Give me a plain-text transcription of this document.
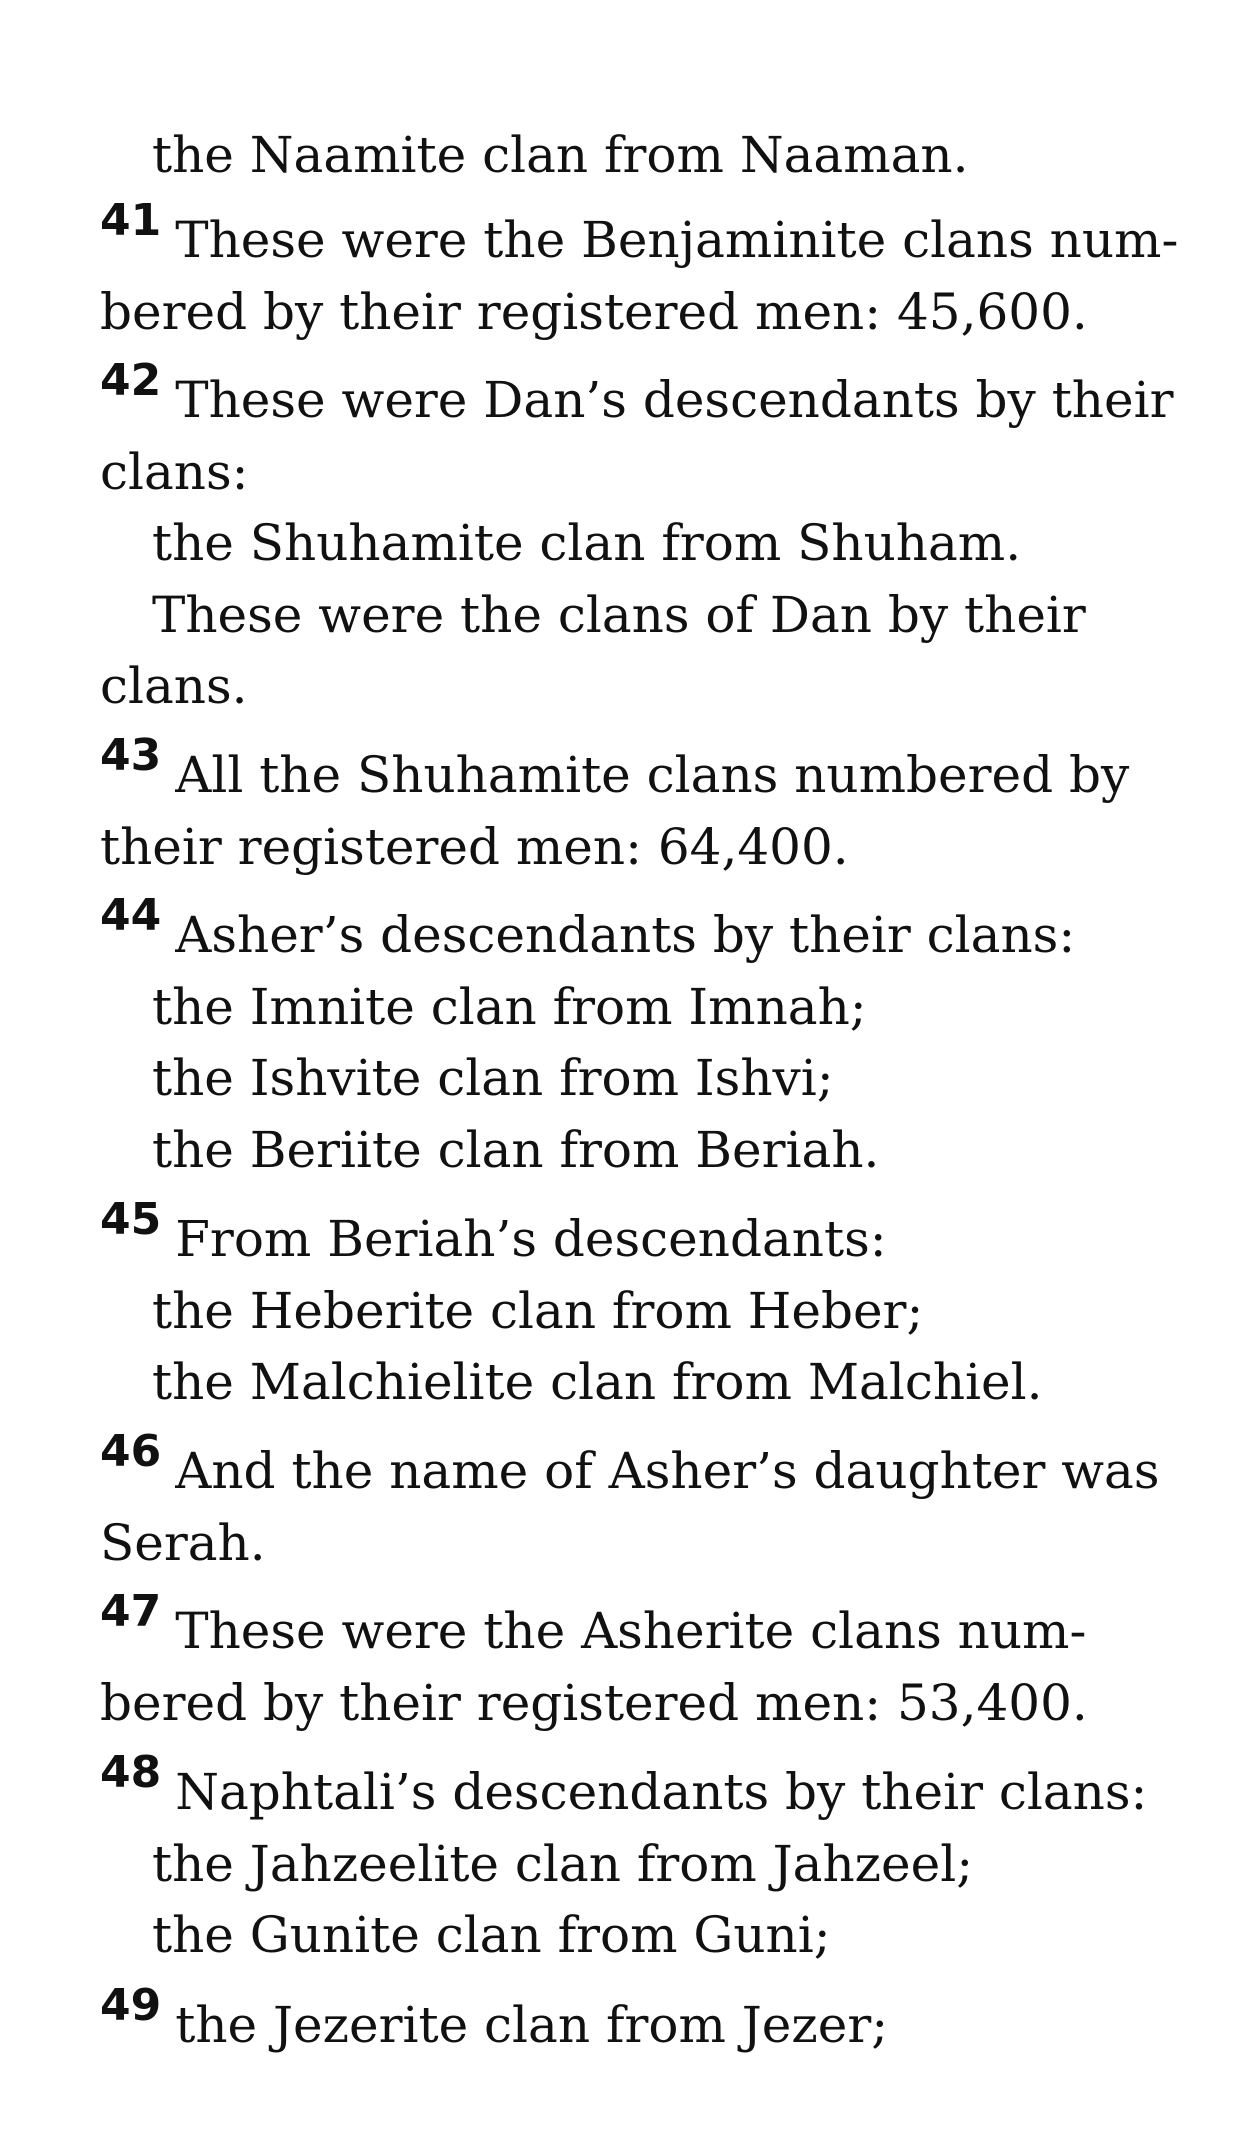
the Naamite clan from Naaman.
41 These were the Benjaminite clans num-
bered by their registered men: 45,600.
42 These were Dan’s descendants by their
clans:
the Shuhamite clan from Shuham.
These were the clans of Dan by their
clans.
43 All the Shuhamite clans numbered by
their registered men: 64,400.
44 Asher’s descendants by their clans:
the Imnite clan from Imnah;
the Ishvite clan from Ishvi;
the Beriite clan from Beriah.
45 From Beriah’s descendants:
the Heberite clan from Heber;
the Malchielite clan from Malchiel.
46 And the name of Asher’s daughter was
Serah.
47 These were the Asherite clans num-
bered by their registered men: 53,400.
48 Naphtali’s descendants by their clans:
the Jahzeelite clan from Jahzeel;
the Gunite clan from Guni;
49 the Jezerite clan from Jezer;
